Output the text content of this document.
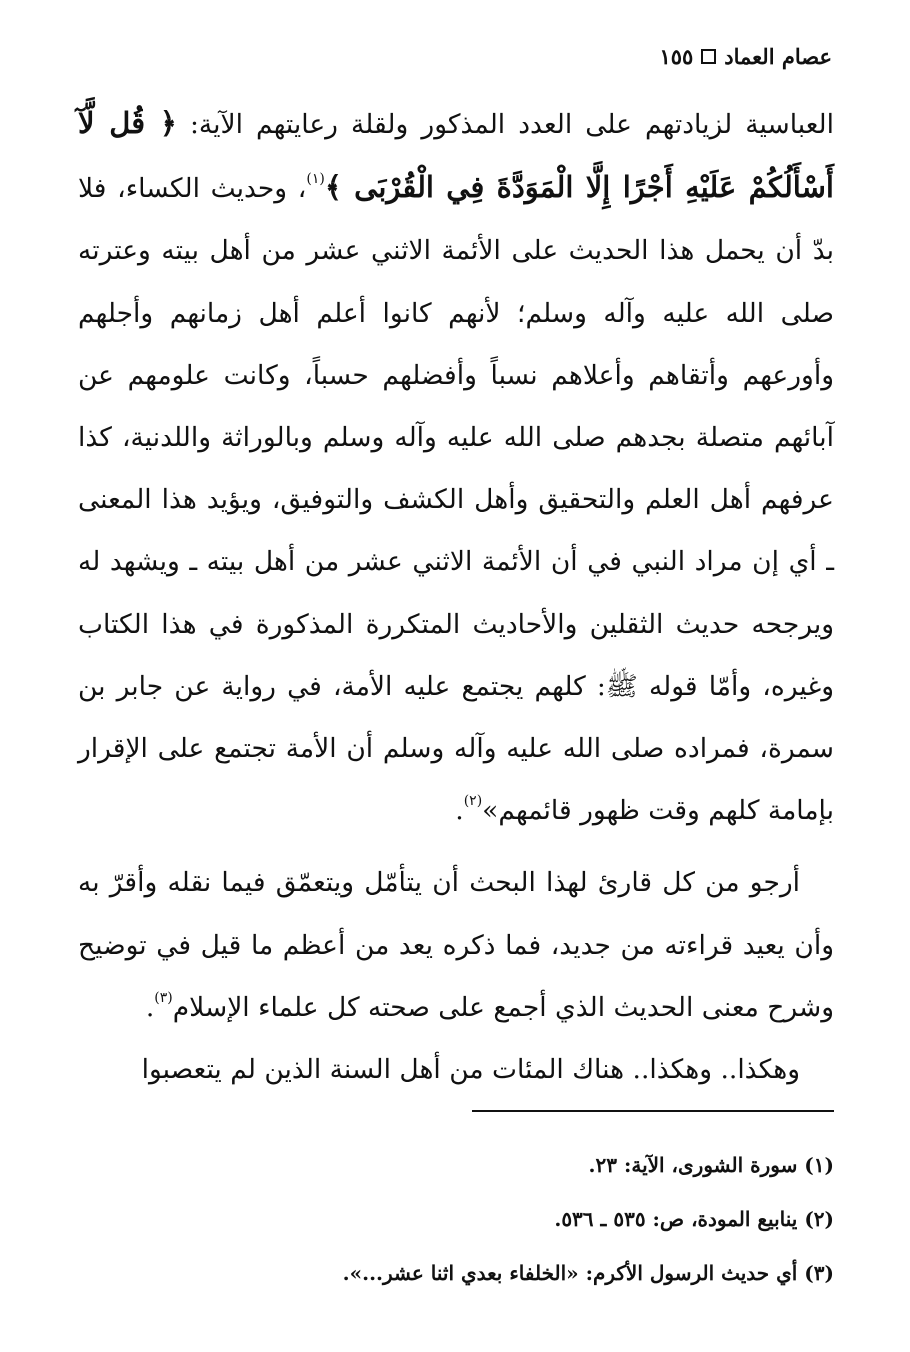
عصام العماد
١٥٥

العباسية لزيادتهم على العدد المذكور ولقلة رعايتهم الآية: ﴿ قُل لَّآ أَسْأَلُكُمْ عَلَيْهِ أَجْرًا إِلَّا الْمَوَدَّةَ فِي الْقُرْبَى ﴾$^{(١)}$، وحديث الكساء، فلا بدّ أن يحمل هذا الحديث على الأئمة الاثني عشر من أهل بيته وعترته صلى الله عليه وآله وسلم؛ لأنهم كانوا أعلم أهل زمانهم وأجلهم وأورعهم وأتقاهم وأعلاهم نسباً وأفضلهم حسباً، وكانت علومهم عن آبائهم متصلة بجدهم صلى الله عليه وآله وسلم وبالوراثة واللدنية، كذا عرفهم أهل العلم والتحقيق وأهل الكشف والتوفيق، ويؤيد هذا المعنى ـ أي إن مراد النبي في أن الأئمة الاثني عشر من أهل بيته ـ ويشهد له ويرجحه حديث الثقلين والأحاديث المتكررة المذكورة في هذا الكتاب وغيره، وأمّا قوله ﷺ: كلهم يجتمع عليه الأمة، في رواية عن جابر بن سمرة، فمراده صلى الله عليه وآله وسلم أن الأمة تجتمع على الإقرار بإمامة كلهم وقت ظهور قائمهم»$^{(٢)}$.

أرجو من كل قارئ لهذا البحث أن يتأمّل ويتعمّق فيما نقله وأقرّ به وأن يعيد قراءته من جديد، فما ذكره يعد من أعظم ما قيل في توضيح وشرح معنى الحديث الذي أجمع على صحته كل علماء الإسلام$^{(٣)}$.

وهكذا.. وهكذا.. هناك المئات من أهل السنة الذين لم يتعصبوا

(١) سورة الشورى، الآية: ٢٣.
(٢) ينابيع المودة، ص: ٥٣٥ ـ ٥٣٦.
(٣) أي حديث الرسول الأكرم: «الخلفاء بعدي اثنا عشر...».
